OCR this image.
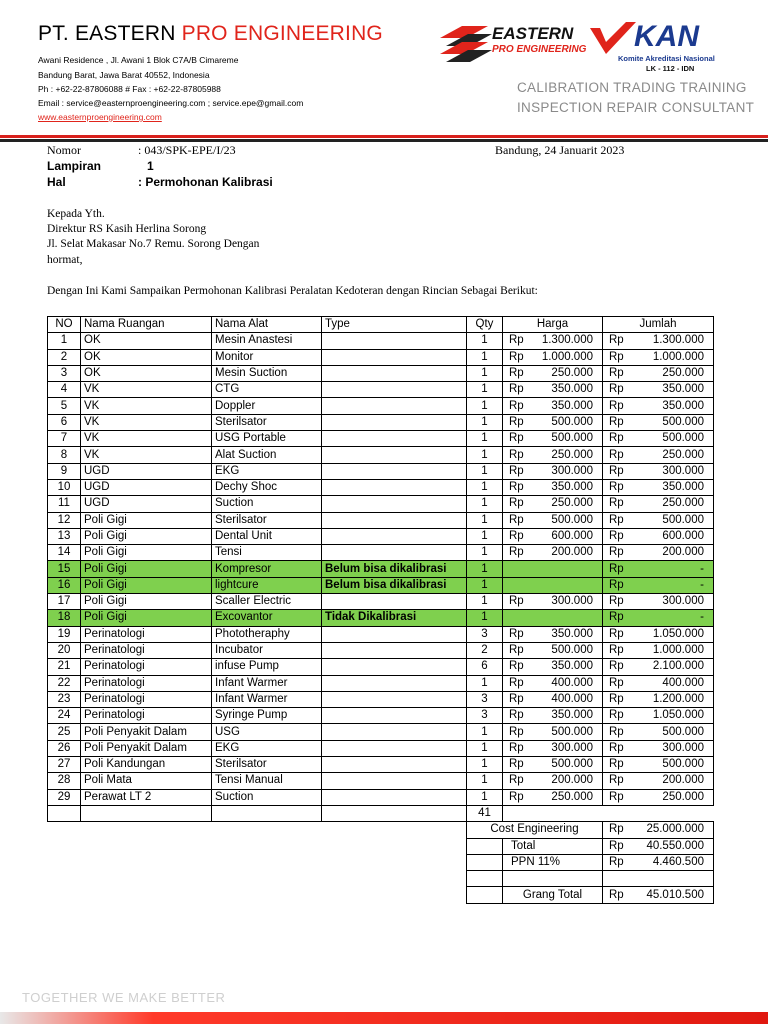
PT. EASTERN PRO ENGINEERING
Awani Residence , Jl. Awani 1 Blok C7A/B Cimareme
Bandung Barat, Jawa Barat 40552, Indonesia
Ph : +62-22-87806088 # Fax : +62-22-87805988
Email : service@easternproengineering.com ; service.epe@gmail.com
www.easternproengineering.com
EASTERN
PRO ENGINEERING KAN
Komite Akreditasi Nasional
LK - 112 - IDN
CALIBRATION TRADING TRAINING
INSPECTION REPAIR CONSULTANT
Nomor	: 043/SPK-EPE/I/23	Bandung, 24 Januarit 2023
Lampiran	1
Hal	: Permohonan Kalibrasi
Kepada Yth.
Direktur RS Kasih Herlina Sorong
Jl. Selat Makasar No.7 Remu. Sorong Dengan
hormat,
Dengan Ini Kami Sampaikan Permohonan Kalibrasi Peralatan Kedoteran dengan Rincian Sebagai Berikut:
NO	Nama Ruangan	Nama Alat	Type	Qty	Harga	Jumlah
1	OK	Mesin Anastesi		1	Rp 1.300.000	Rp 1.300.000

2	OK	Monitor		1	Rp 1.000.000	Rp 1.000.000

3	OK	Mesin Suction		1	Rp 250.000	Rp 250.000

4	VK	CTG		1	Rp 350.000	Rp 350.000

5	VK	Doppler		1	Rp 350.000	Rp 350.000

6	VK	Sterilsator		1	Rp 500.000	Rp 500.000

7	VK	USG Portable		1	Rp 500.000	Rp 500.000

8	VK	Alat Suction		1	Rp 250.000	Rp 250.000

9	UGD	EKG		1	Rp 300.000	Rp 300.000

10	UGD	Dechy Shoc		1	Rp 350.000	Rp 350.000

11	UGD	Suction		1	Rp 250.000	Rp 250.000

12	Poli Gigi	Sterilsator		1	Rp 500.000	Rp 500.000

13	Poli Gigi	Dental Unit		1	Rp 600.000	Rp 600.000

14	Poli Gigi	Tensi		1	Rp 200.000	Rp 200.000

15	Poli Gigi	Kompresor	Belum bisa dikalibrasi	1		Rp -

16	Poli Gigi	lightcure	Belum bisa dikalibrasi	1		Rp -

17	Poli Gigi	Scaller Electric		1	Rp 300.000	Rp 300.000

18	Poli Gigi	Excovantor	Tidak Dikalibrasi	1		Rp -

19	Perinatologi	Phototheraphy		3	Rp 350.000	Rp 1.050.000

20	Perinatologi	Incubator		2	Rp 500.000	Rp 1.000.000

21	Perinatologi	infuse Pump		6	Rp 350.000	Rp 2.100.000

22	Perinatologi	Infant Warmer		1	Rp 400.000	Rp 400.000

23	Perinatologi	Infant Warmer		3	Rp 400.000	Rp 1.200.000

24	Perinatologi	Syringe Pump		3	Rp 350.000	Rp 1.050.000

25	Poli Penyakit Dalam	USG		1	Rp 500.000	Rp 500.000

26	Poli Penyakit Dalam	EKG		1	Rp 300.000	Rp 300.000

27	Poli Kandungan	Sterilsator		1	Rp 500.000	Rp 500.000

28	Poli Mata	Tensi Manual		1	Rp 200.000	Rp 200.000

29	Perawat LT 2	Suction		1	Rp 250.000	Rp 250.000

				41		
				Cost Engineering		Rp 25.000.000

					Total	Rp 40.550.000

					PPN 11%	Rp 4.460.500

					Grang Total	Rp 45.010.500
TOGETHER WE MAKE BETTER
